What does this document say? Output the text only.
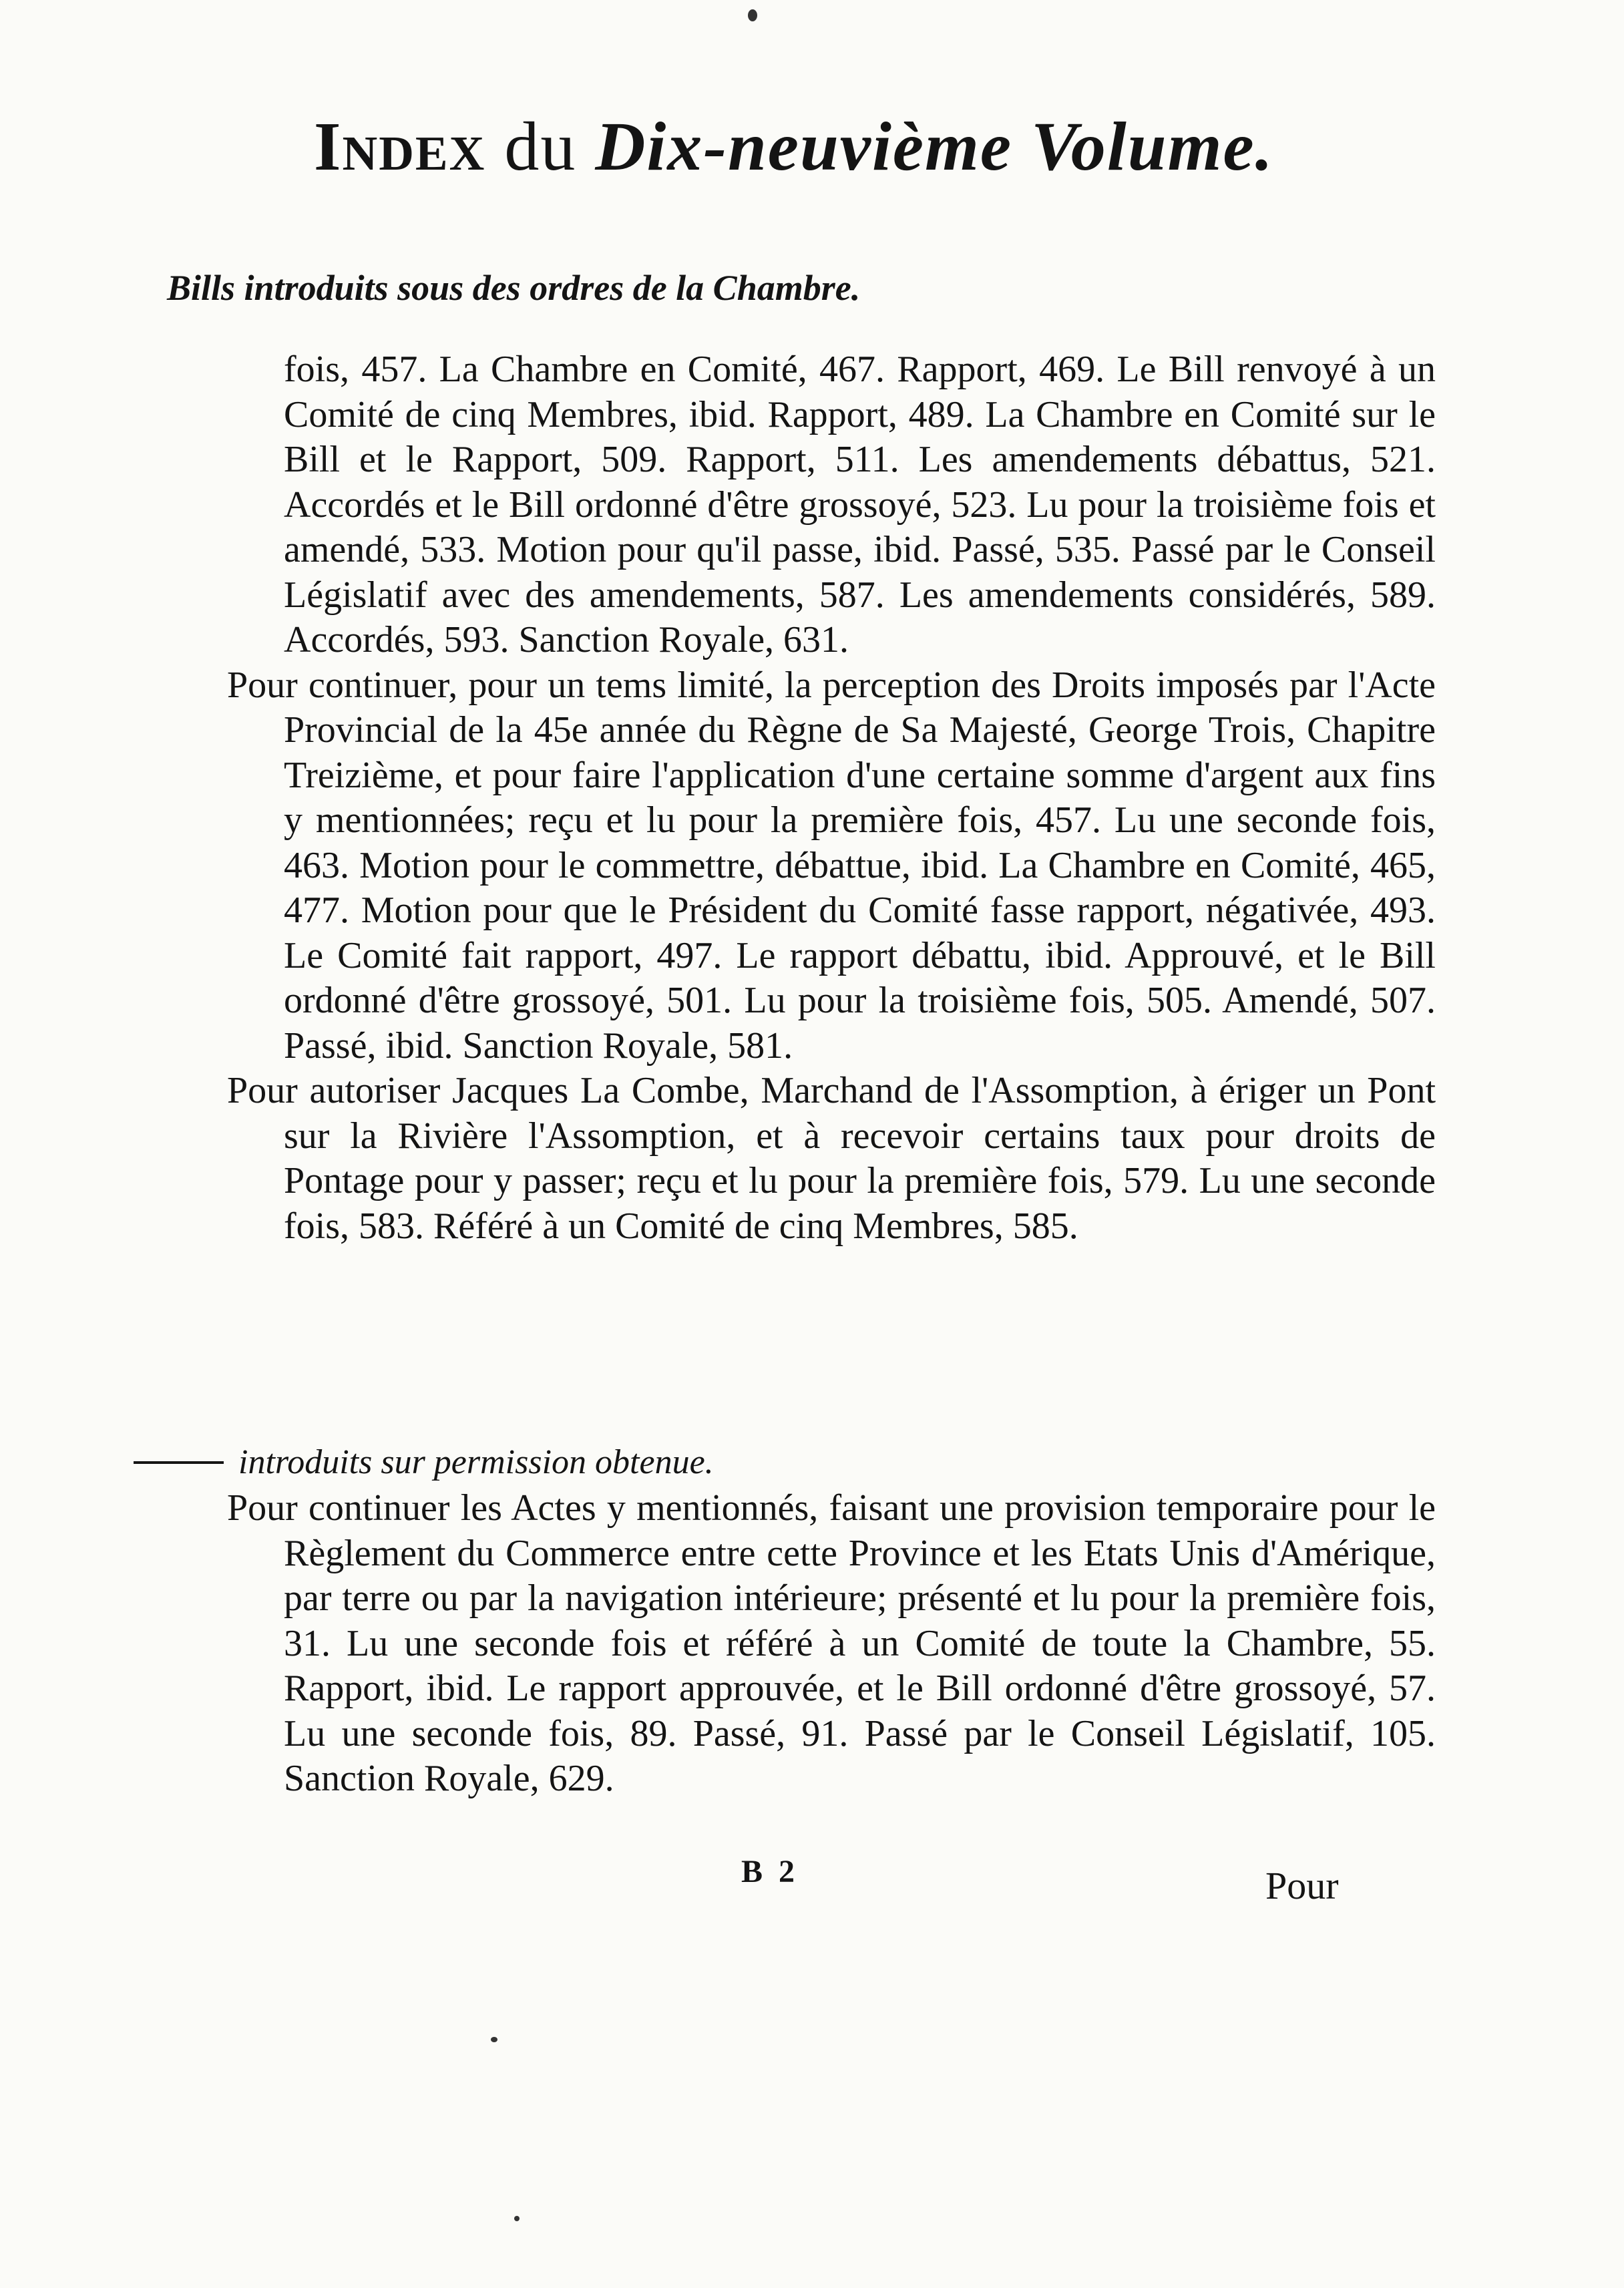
Index du Dix-neuvième Volume.
Bills introduits sous des ordres de la Chambre.

fois, 457. La Chambre en Comité, 467. Rapport, 469. Le Bill renvoyé à un Comité de cinq Membres, ibid. Rapport, 489. La Chambre en Comité sur le Bill et le Rapport, 509. Rapport, 511. Les amendements débattus, 521. Accordés et le Bill ordonné d'être grossoyé, 523. Lu pour la troisième fois et amendé, 533. Motion pour qu'il passe, ibid. Passé, 535. Passé par le Conseil Législatif avec des amendements, 587. Les amendements considérés, 589. Accordés, 593. Sanction Royale, 631.

Pour continuer, pour un tems limité, la perception des Droits imposés par l'Acte Provincial de la 45e année du Règne de Sa Majesté, George Trois, Chapitre Treizième, et pour faire l'application d'une certaine somme d'argent aux fins y mentionnées; reçu et lu pour la première fois, 457. Lu une seconde fois, 463. Motion pour le commettre, débattue, ibid. La Chambre en Comité, 465, 477. Motion pour que le Président du Comité fasse rapport, négativée, 493. Le Comité fait rapport, 497. Le rapport débattu, ibid. Approuvé, et le Bill ordonné d'être grossoyé, 501. Lu pour la troisième fois, 505. Amendé, 507. Passé, ibid. Sanction Royale, 581.

Pour autoriser Jacques La Combe, Marchand de l'Assomption, à ériger un Pont sur la Rivière l'Assomption, et à recevoir certains taux pour droits de Pontage pour y passer; reçu et lu pour la première fois, 579. Lu une seconde fois, 583. Référé à un Comité de cinq Membres, 585.

introduits sur permission obtenue.

Pour continuer les Actes y mentionnés, faisant une provision temporaire pour le Règlement du Commerce entre cette Province et les Etats Unis d'Amérique, par terre ou par la navigation intérieure; présenté et lu pour la première fois, 31. Lu une seconde fois et référé à un Comité de toute la Chambre, 55. Rapport, ibid. Le rapport approuvée, et le Bill ordonné d'être grossoyé, 57. Lu une seconde fois, 89. Passé, 91. Passé par le Conseil Législatif, 105. Sanction Royale, 629.

B 2	Pour
